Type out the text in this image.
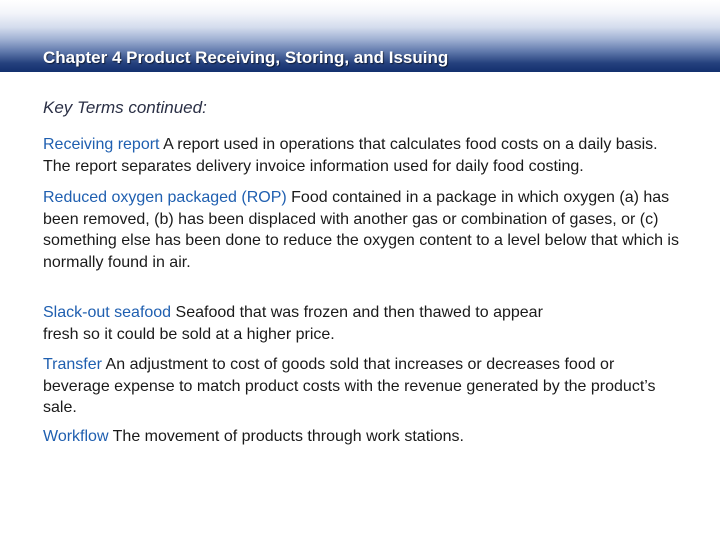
Chapter 4 Product Receiving, Storing, and Issuing

Key Terms continued:

Receiving report A report used in operations that calculates food costs on a daily basis. The report separates delivery invoice information used for daily food costing.

Reduced oxygen packaged (ROP) Food contained in a package in which oxygen (a) has been removed, (b) has been displaced with another gas or combination of gases, or (c) something else has been done to reduce the oxygen content to a level below that which is normally found in air.

Slack-out seafood Seafood that was frozen and then thawed to appear fresh so it could be sold at a higher price.

Transfer An adjustment to cost of goods sold that increases or decreases food or beverage expense to match product costs with the revenue generated by the product’s sale.

Workflow The movement of products through work stations.
